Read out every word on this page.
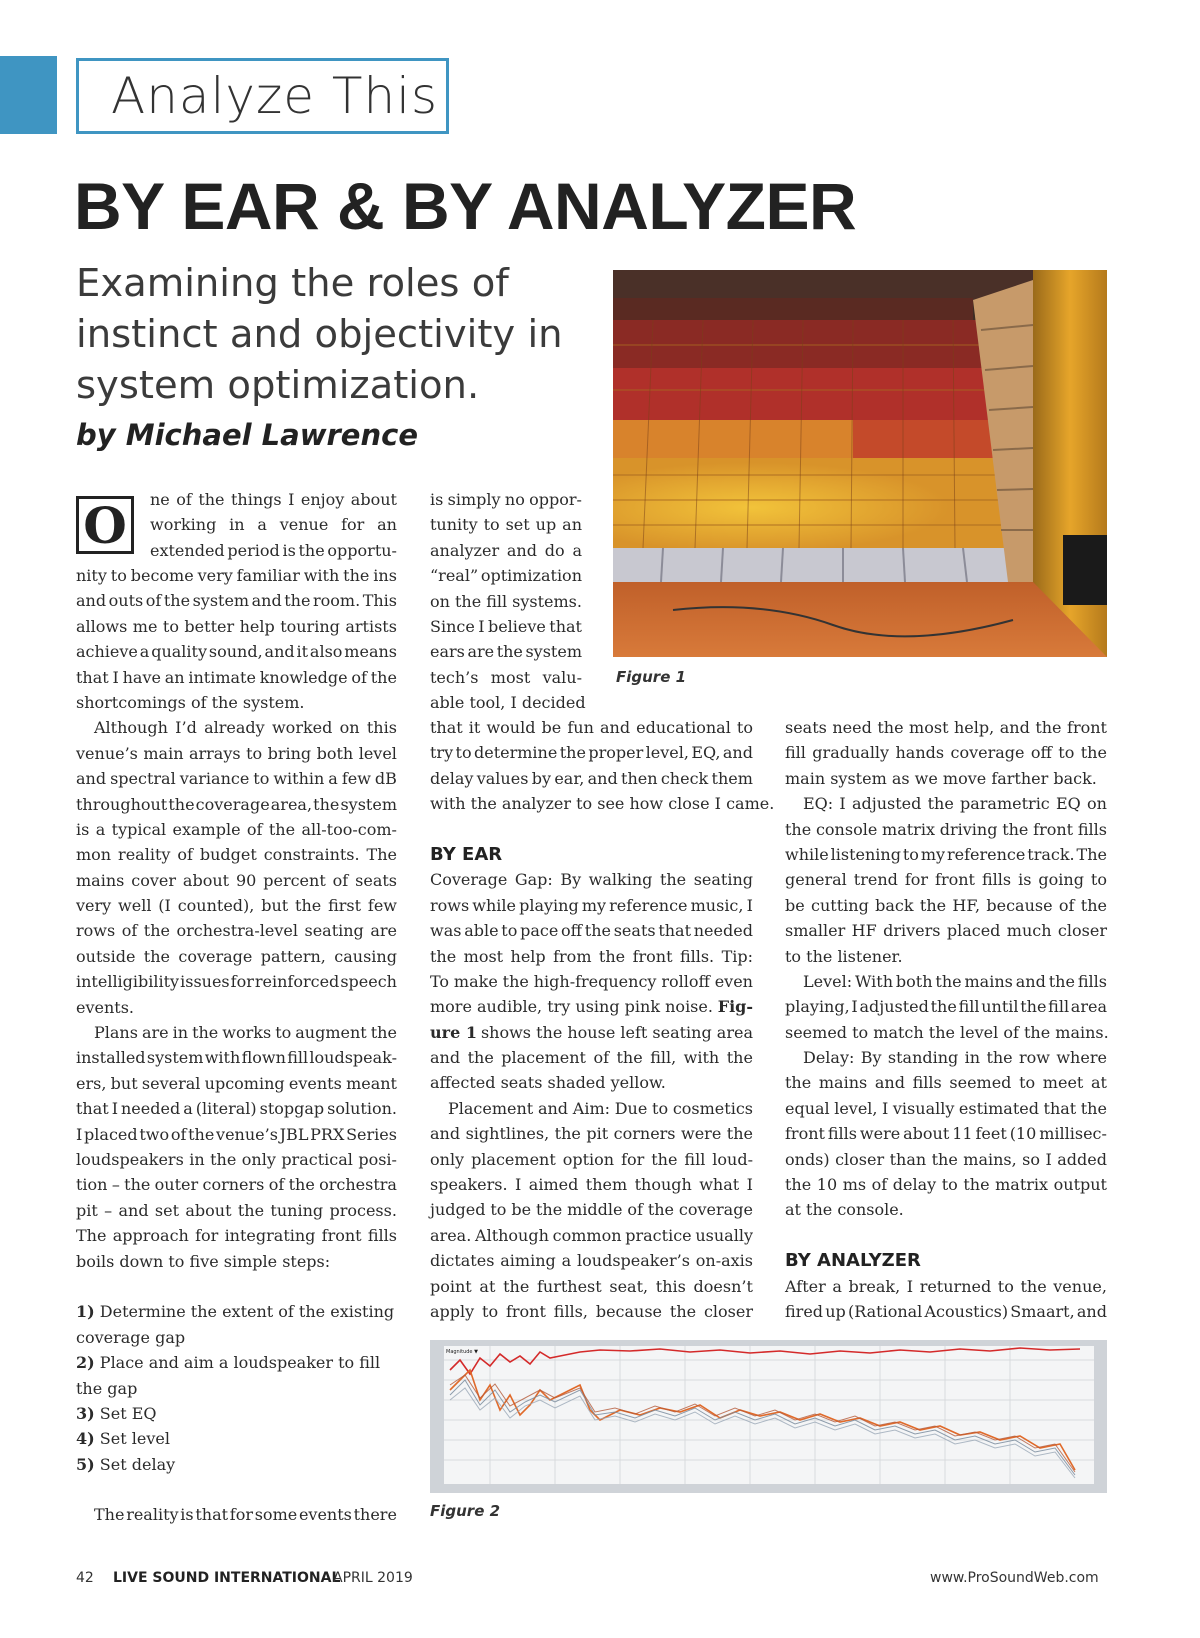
Analyze This
BY EAR & BY ANALYZER
Examining the roles of
instinct and objectivity in
system optimization.
by Michael Lawrence
O	ne of the things I enjoy about
working in a venue for an
extended period is the opportu-
nity to become very familiar with the ins
and outs of the system and the room. This
allows me to better help touring artists
achieve a quality sound, and it also means
that I have an intimate knowledge of the
shortcomings of the system.
Although I’d already worked on this
venue’s main arrays to bring both level
and spectral variance to within a few dB
throughout the coverage area, the system
is a typical example of the all-too-com-
mon reality of budget constraints. The
mains cover about 90 percent of seats
very well (I counted), but the first few
rows of the orchestra-level seating are
outside the coverage pattern, causing
intelligibility issues for reinforced speech
events.
Plans are in the works to augment the
installed system with flown fill loudspeak-
ers, but several upcoming events meant
that I needed a (literal) stopgap solution.
I placed two of the venue’s JBL PRX Series
loudspeakers in the only practical posi-
tion – the outer corners of the orchestra
pit – and set about the tuning process.
The approach for integrating front fills
boils down to five simple steps:
1) Determine the extent of the existing
coverage gap
2) Place and aim a loudspeaker to fill
the gap
3) Set EQ
4) Set level
5) Set delay
The reality is that for some events there
is simply no oppor-
tunity to set up an
analyzer and do a
“real” optimization
on the fill systems.
Since I believe that
ears are the system
tech’s most valu-
able tool, I decided
that it would be fun and educational to
try to determine the proper level, EQ, and
delay values by ear, and then check them
with the analyzer to see how close I came.
BY EAR
Coverage Gap: By walking the seating
rows while playing my reference music, I
was able to pace off the seats that needed
the most help from the front fills. Tip:
To make the high-frequency rolloff even
more audible, try using pink noise. Fig-
ure 1 shows the house left seating area
and the placement of the fill, with the
affected seats shaded yellow.
Placement and Aim: Due to cosmetics
and sightlines, the pit corners were the
only placement option for the fill loud-
speakers. I aimed them though what I
judged to be the middle of the coverage
area. Although common practice usually
dictates aiming a loudspeaker’s on-axis
point at the furthest seat, this doesn’t
apply to front fills, because the closer
seats need the most help, and the front
fill gradually hands coverage off to the
main system as we move farther back.
EQ: I adjusted the parametric EQ on
the console matrix driving the front fills
while listening to my reference track. The
general trend for front fills is going to
be cutting back the HF, because of the
smaller HF drivers placed much closer
to the listener.
Level: With both the mains and the fills
playing, I adjusted the fill until the fill area
seemed to match the level of the mains.
Delay: By standing in the row where
the mains and fills seemed to meet at
equal level, I visually estimated that the
front fills were about 11 feet (10 millisec-
onds) closer than the mains, so I added
the 10 ms of delay to the matrix output
at the console.
BY ANALYZER
After a break, I returned to the venue,
fired up (Rational Acoustics) Smaart, and
Figure 1
Magnitude ▼
Figure 2
42 LIVE SOUND INTERNATIONAL
APRIL 2019	www.ProSoundWeb.com
